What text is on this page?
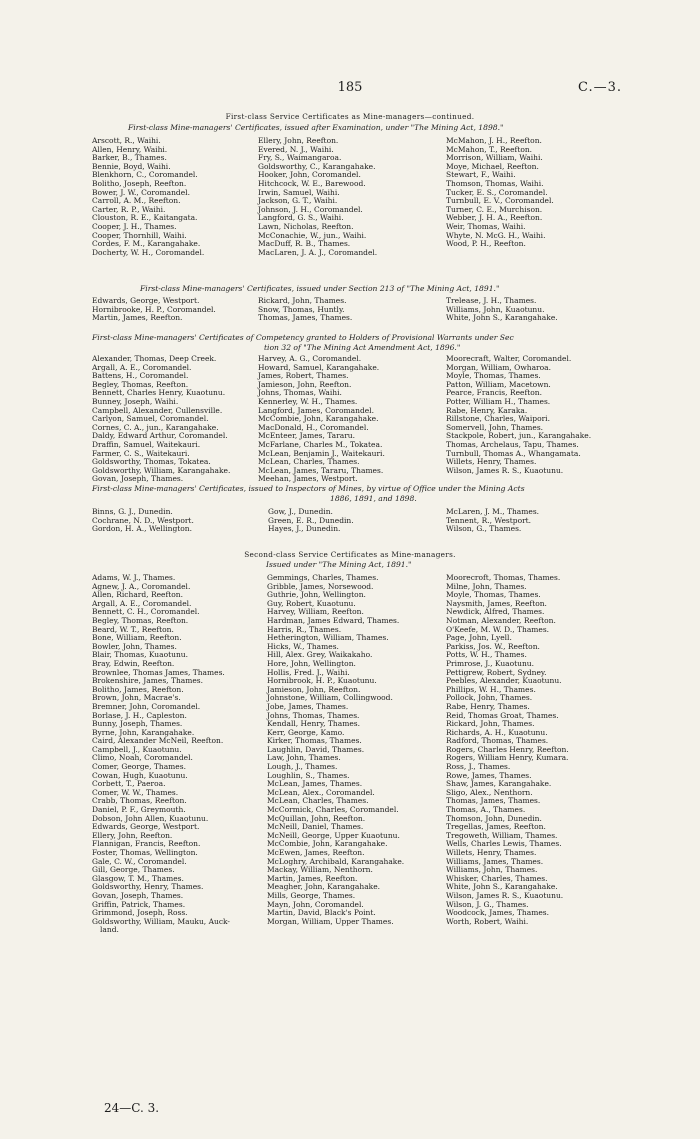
185	C.—3.
First-class Service Certificates as Mine-managers—continued.
First-class Mine-managers' Certificates, issued after Examination, under "The Mining Act, 1898."
Arscott, R., Waihi.
Allen, Henry, Waihi.
Barker, B., Thames.
Bennie, Boyd, Waihi.
Blenkhorn, C., Coromandel.
Bolitho, Joseph, Reefton.
Bower, J. W., Coromandel.
Carroll, A. M., Reefton.
Carter, R. P., Waihi.
Clouston, R. E., Kaitangata.
Cooper, J. H., Thames.
Cooper, Thornhill, Waihi.
Cordes, F. M., Karangahake.
Docherty, W. H., Coromandel.
Ellery, John, Reefton.
Evered, N. J., Waihi.
Fry, S., Waimangaroa.
Goldsworthy, C., Karangahake.
Hooker, John, Coromandel.
Hitchcock, W. E., Barewood.
Irwin, Samuel, Waihi.
Jackson, G. T., Waihi.
Johnson, J. H., Coromandel.
Langford, G. S., Waihi.
Lawn, Nicholas, Reefton.
McConachie, W., jun., Waihi.
MacDuff, R. B., Thames.
MacLaren, J. A. J., Coromandel.
McMahon, J. H., Reefton.
McMahon, T., Reefton.
Morrison, William, Waihi.
Moye, Michael, Reefton.
Stewart, F., Waihi.
Thomson, Thomas, Waihi.
Tucker, E. S., Coromandel.
Turnbull, E. V., Coromandel.
Turner, C. E., Murchison.
Webber, J. H. A., Reefton.
Weir, Thomas, Waihi.
Whyte, N. McG. H., Waihi.
Wood, P. H., Reefton.
First-class Mine-managers' Certificates, issued under Section 213 of "The Mining Act, 1891."
Edwards, George, Westport.
Hornibrooke, H. P., Coromandel.
Martin, James, Reefton.
Rickard, John, Thames.
Snow, Thomas, Huntly.
Thomas, James, Thames.
Trelease, J. H., Thames.
Williams, John, Kuaotunu.
White, John S., Karangahake.
First-class Mine-managers' Certificates of Competency granted to Holders of Provisional Warrants under Sec
tion 32 of "The Mining Act Amendment Act, 1896."
Alexander, Thomas, Deep Creek.
Argall, A. E., Coromandel.
Battens, H., Coromandel.
Begley, Thomas, Reefton.
Bennett, Charles Henry, Kuaotunu.
Bunney, Joseph, Waihi.
Campbell, Alexander, Cullensville.
Carlyon, Samuel, Coromandel.
Cornes, C. A., jun., Karangahake.
Daldy, Edward Arthur, Coromandel.
Draffin, Samuel, Waitekauri.
Farmer, C. S., Waitekauri.
Goldsworthy, Thomas, Tokatea.
Goldsworthy, William, Karangahake.
Govan, Joseph, Thames.
Harvey, A. G., Coromandel.
Howard, Samuel, Karangahake.
James, Robert, Thames.
Jamieson, John, Reefton.
Johns, Thomas, Waihi.
Kennerley, W. H., Thames.
Langford, James, Coromandel.
McCombie, John, Karangahake.
MacDonald, H., Coromandel.
McEnteer, James, Tararu.
McFarlane, Charles M., Tokatea.
McLean, Benjamin J., Waitekauri.
McLean, Charles, Thames.
McLean, James, Tararu, Thames.
Meehan, James, Westport.
Moorecraft, Walter, Coromandel.
Morgan, William, Owharoa.
Moyle, Thomas, Thames.
Patton, William, Macetown.
Pearce, Francis, Reefton.
Potter, William H., Thames.
Rabe, Henry, Karaka.
Rillstone, Charles, Waipori.
Somervell, John, Thames.
Stackpole, Robert, jun., Karangahake.
Thomas, Archelaus, Tapu, Thames.
Turnbull, Thomas A., Whangamata.
Willets, Henry, Thames.
Wilson, James R. S., Kuaotunu.
First-class Mine-managers' Certificates, issued to Inspectors of Mines, by virtue of Office under the Mining Acts
1886, 1891, and 1898.
Binns, G. J., Dunedin.
Cochrane, N. D., Westport.
Gordon, H. A., Wellington.
Gow, J., Dunedin.
Green, E. R., Dunedin.
Hayes, J., Dunedin.
McLaren, J. M., Thames.
Tennent, R., Westport.
Wilson, G., Thames.
Second-class Service Certificates as Mine-managers.
Issued under "The Mining Act, 1891."
Adams, W. J., Thames.
Agnew, J. A., Coromandel.
Allen, Richard, Reefton.
Argall, A. E., Coromandel.
Bennett, C. H., Coromandel.
Begley, Thomas, Reefton.
Beard, W. T., Reefton.
Bone, William, Reefton.
Bowler, John, Thames.
Blair, Thomas, Kuaotunu.
Bray, Edwin, Reefton.
Brownlee, Thomas James, Thames.
Brokenshire, James, Thames.
Bolitho, James, Reefton.
Brown, John, Macrae's.
Bremner, John, Coromandel.
Borlase, J. H., Capleston.
Bunny, Joseph, Thames.
Byrne, John, Karangahake.
Caird, Alexander McNeil, Reefton.
Campbell, J., Kuaotunu.
Climo, Noah, Coromandel.
Comer, George, Thames.
Cowan, Hugh, Kuaotunu.
Corbett, T., Paeroa.
Comer, W. W., Thames.
Crabb, Thomas, Reefton.
Daniel, P. F., Greymouth.
Dobson, John Allen, Kuaotunu.
Edwards, George, Westport.
Ellery, John, Reefton.
Flannigan, Francis, Reefton.
Foster, Thomas, Wellington.
Gale, C. W., Coromandel.
Gill, George, Thames.
Glasgow, T. M., Thames.
Goldsworthy, Henry, Thames.
Govan, Joseph, Thames.
Griffin, Patrick, Thames.
Grimmond, Joseph, Ross.
Goldsworthy, William, Mauku, Auck-
land.
Gemmings, Charles, Thames.
Gribble, James, Norsewood.
Guthrie, John, Wellington.
Guy, Robert, Kuaotunu.
Harvey, William, Reefton.
Hardman, James Edward, Thames.
Harris, R., Thames.
Hetherington, William, Thames.
Hicks, W., Thames.
Hill, Alex. Grey, Waikakaho.
Hore, John, Wellington.
Hollis, Fred. J., Waihi.
Hornibrook, H. P., Kuaotunu.
Jamieson, John, Reefton.
Johnstone, William, Collingwood.
Jobe, James, Thames.
Johns, Thomas, Thames.
Kendall, Henry, Thames.
Kerr, George, Kamo.
Kirker, Thomas, Thames.
Laughlin, David, Thames.
Law, John, Thames.
Lough, J., Thames.
Loughlin, S., Thames.
McLean, James, Thames.
McLean, Alex., Coromandel.
McLean, Charles, Thames.
McCormick, Charles, Coromandel.
McQuillan, John, Reefton.
McNeill, Daniel, Thames.
McNeill, George, Upper Kuaotunu.
McCombie, John, Karangahake.
McEwen, James, Reefton.
McLoghry, Archibald, Karangahake.
Mackay, William, Nenthorn.
Martin, James, Reefton.
Meagher, John, Karangahake.
Mills, George, Thames.
Mayn, John, Coromandel.
Martin, David, Black's Point.
Morgan, William, Upper Thames.
Moorecroft, Thomas, Thames.
Milne, John, Thames.
Moyle, Thomas, Thames.
Naysmith, James, Reefton.
Newdick, Alfred, Thames.
Notman, Alexander, Reefton.
O'Keefe, M. W. D., Thames.
Page, John, Lyell.
Parkiss, Jos. W., Reefton.
Potts, W. H., Thames.
Primrose, J., Kuaotunu.
Pettigrew, Robert, Sydney.
Peebles, Alexander, Kuaotunu.
Phillips, W. H., Thames.
Pollock, John, Thames.
Rabe, Henry, Thames.
Reid, Thomas Groat, Thames.
Rickard, John, Thames.
Richards, A. H., Kuaotunu.
Radford, Thomas, Thames.
Rogers, Charles Henry, Reefton.
Rogers, William Henry, Kumara.
Ross, J., Thames.
Rowe, James, Thames.
Shaw, James, Karangahake.
Sligo, Alex., Nenthorn.
Thomas, James, Thames.
Thomas, A., Thames.
Thomson, John, Dunedin.
Tregellas, James, Reefton.
Tregoweth, William, Thames.
Wells, Charles Lewis, Thames.
Willets, Henry, Thames.
Williams, James, Thames.
Williams, John, Thames.
Whisker, Charles, Thames.
White, John S., Karangahake.
Wilson, James R. S., Kuaotunu.
Wilson, J. G., Thames.
Woodcock, James, Thames.
Worth, Robert, Waihi.
24—C. 3.
